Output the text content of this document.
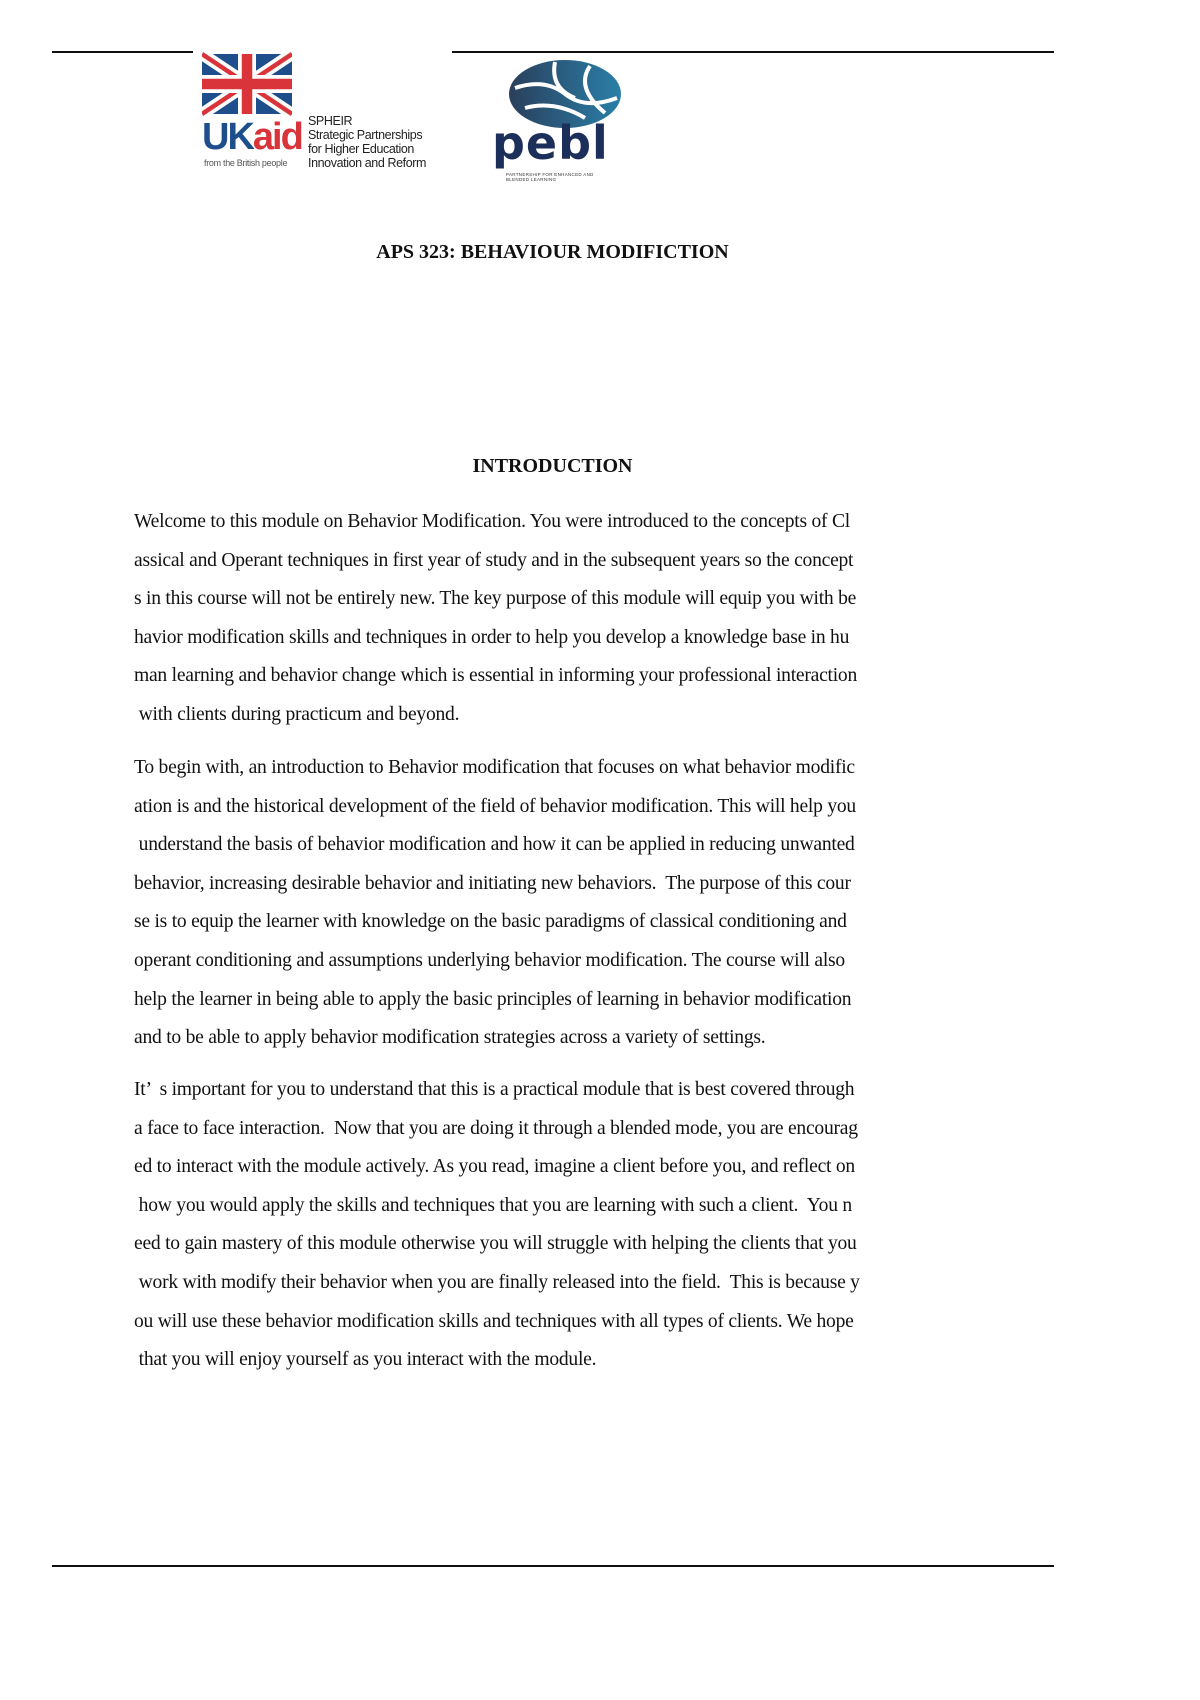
UKaid
from the British people
SPHEIR
Strategic Partnerships
for Higher Education
Innovation and Reform pebl
PARTNERSHIP FOR ENHANCED AND BLENDED LEARNING
APS 323: BEHAVIOUR MODIFICTION
INTRODUCTION
Welcome to this module on Behavior Modification. You were introduced to the concepts of Cl
assical and Operant techniques in first year of study and in the subsequent years so the concept
s in this course will not be entirely new. The key purpose of this module will equip you with be
havior modification skills and techniques in order to help you develop a knowledge base in hu
man learning and behavior change which is essential in informing your professional interaction
with clients during practicum and beyond.
To begin with, an introduction to Behavior modification that focuses on what behavior modific
ation is and the historical development of the field of behavior modification. This will help you
understand the basis of behavior modification and how it can be applied in reducing unwanted
behavior, increasing desirable behavior and initiating new behaviors.  The purpose of this cour
se is to equip the learner with knowledge on the basic paradigms of classical conditioning and
operant conditioning and assumptions underlying behavior modification. The course will also
help the learner in being able to apply the basic principles of learning in behavior modification
and to be able to apply behavior modification strategies across a variety of settings.
It’  s important for you to understand that this is a practical module that is best covered through
a face to face interaction.  Now that you are doing it through a blended mode, you are encourag
ed to interact with the module actively. As you read, imagine a client before you, and reflect on
how you would apply the skills and techniques that you are learning with such a client.  You n
eed to gain mastery of this module otherwise you will struggle with helping the clients that you
work with modify their behavior when you are finally released into the field.  This is because y
ou will use these behavior modification skills and techniques with all types of clients. We hope
that you will enjoy yourself as you interact with the module.
